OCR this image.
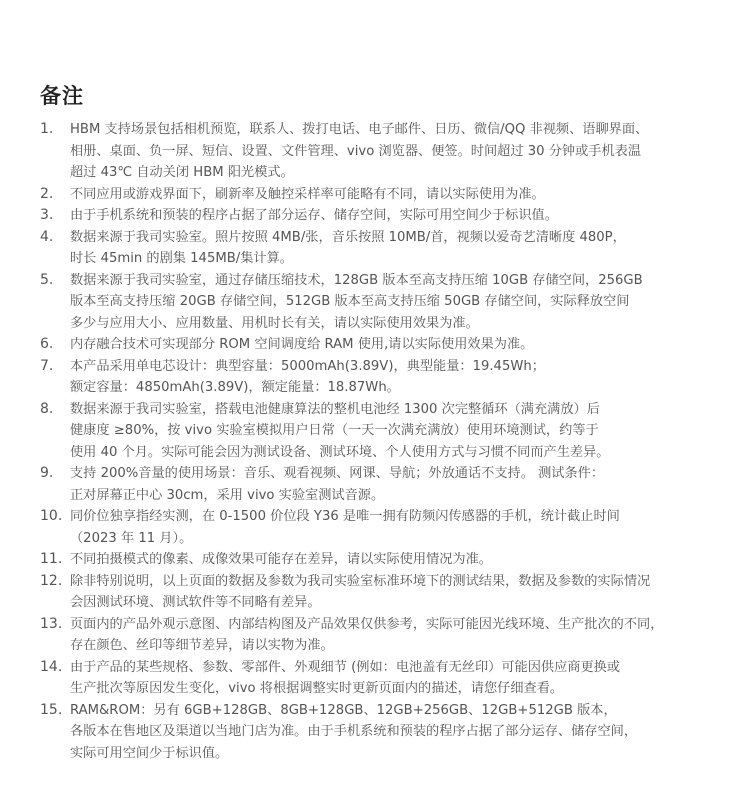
备注
1.	HBM 支持场景包括相机预览，联系人、拨打电话、电子邮件、日历、微信/QQ 非视频、语聊界面、
相册、桌面、负一屏、短信、设置、文件管理、vivo 浏览器、便签。时间超过 30 分钟或手机表温
超过 43℃ 自动关闭 HBM 阳光模式。
2.	不同应用或游戏界面下，刷新率及触控采样率可能略有不同，请以实际使用为准。
3.	由于手机系统和预装的程序占据了部分运存、储存空间，实际可用空间少于标识值。
4.	数据来源于我司实验室。照片按照 4MB/张，音乐按照 10MB/首，视频以爱奇艺清晰度 480P，
时长 45min 的剧集 145MB/集计算。
5.	数据来源于我司实验室，通过存储压缩技术，128GB 版本至高支持压缩 10GB 存储空间，256GB
版本至高支持压缩 20GB 存储空间，512GB 版本至高支持压缩 50GB 存储空间，实际释放空间
多少与应用大小、应用数量、用机时长有关，请以实际使用效果为准。
6.	内存融合技术可实现部分 ROM 空间调度给 RAM 使用,请以实际使用效果为准。
7.	本产品采用单电芯设计：典型容量：5000mAh(3.89V)，典型能量：19.45Wh；
额定容量：4850mAh(3.89V)，额定能量：18.87Wh。
8.	数据来源于我司实验室，搭载电池健康算法的整机电池经 1300 次完整循环（满充满放）后
健康度 ≥80%，按 vivo 实验室模拟用户日常（一天一次满充满放）使用环境测试，约等于
使用 40 个月。实际可能会因为测试设备、测试环境、个人使用方式与习惯不同而产生差异。
9.	支持 200%音量的使用场景：音乐、观看视频、网课、导航；外放通话不支持。 测试条件：
正对屏幕正中心 30cm，采用 vivo 实验室测试音源。
10. 同价位独享指经实测，在 0-1500 价位段 Y36 是唯一拥有防频闪传感器的手机，统计截止时间
（2023 年 11 月）。
11. 不同拍摄模式的像素、成像效果可能存在差异，请以实际使用情况为准。
12. 除非特别说明，以上页面的数据及参数为我司实验室标准环境下的测试结果，数据及参数的实际情况
会因测试环境、测试软件等不同略有差异。
13. 页面内的产品外观示意图、内部结构图及产品效果仅供参考，实际可能因光线环境、生产批次的不同，
存在颜色、丝印等细节差异，请以实物为准。
14. 由于产品的某些规格、参数、零部件、外观细节 (例如：电池盖有无丝印）可能因供应商更换或
生产批次等原因发生变化，vivo 将根据调整实时更新页面内的描述，请您仔细查看。
15. RAM&ROM：另有 6GB+128GB、8GB+128GB、12GB+256GB、12GB+512GB 版本，
各版本在售地区及渠道以当地门店为准。由于手机系统和预装的程序占据了部分运存、储存空间，
实际可用空间少于标识值。
